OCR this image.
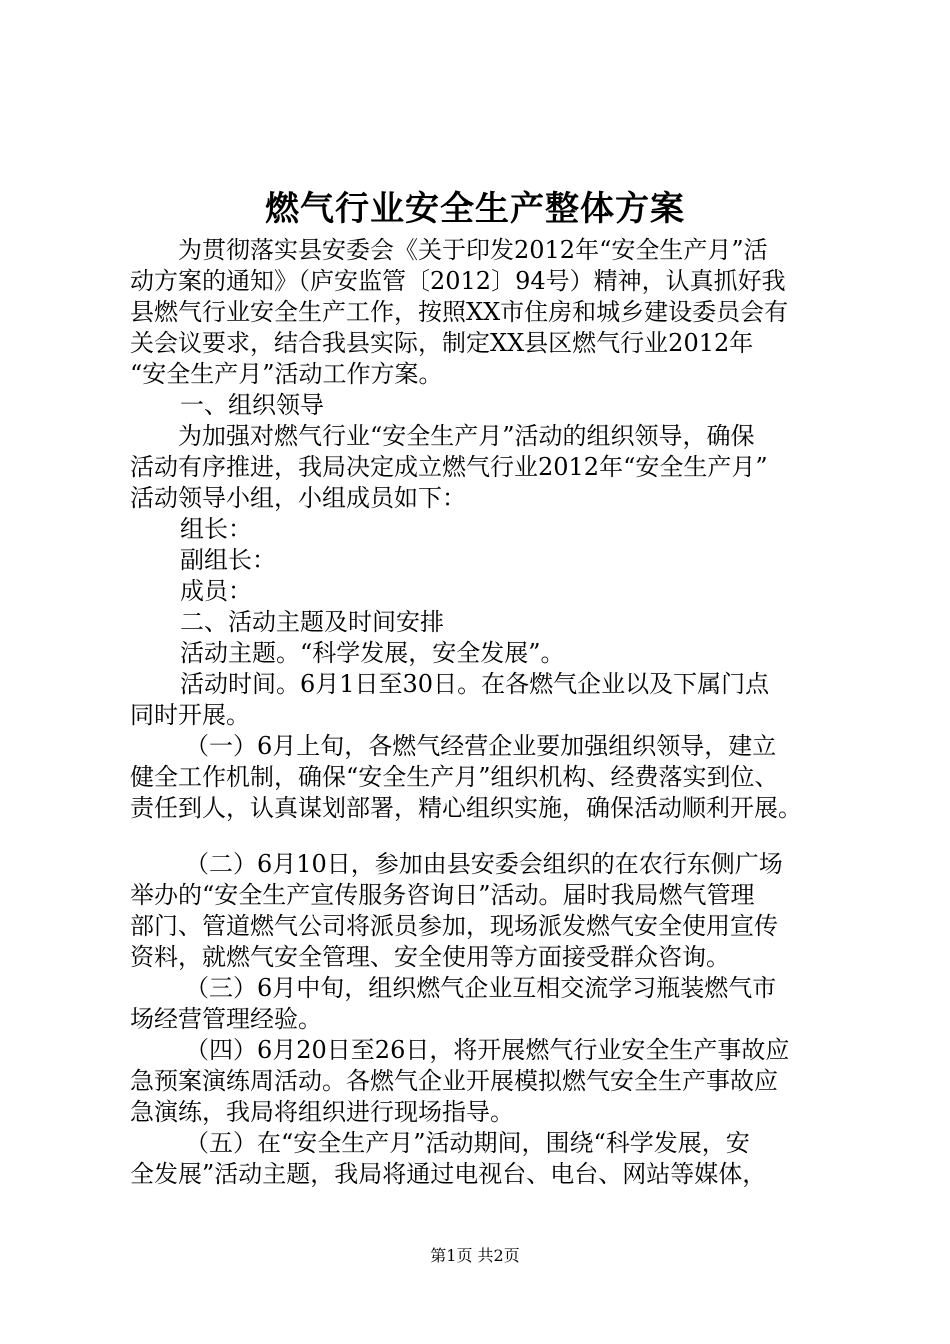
燃气行业安全生产整体方案
为贯彻落实县安委会《关于印发2012年“安全生产月”活
动方案的通知》（庐安监管〔2012〕94号）精神，认真抓好我
县燃气行业安全生产工作，按照XX市住房和城乡建设委员会有
关会议要求，结合我县实际，制定XX县区燃气行业2012年
“安全生产月”活动工作方案。
一、组织领导
为加强对燃气行业“安全生产月”活动的组织领导，确保
活动有序推进，我局决定成立燃气行业2012年“安全生产月”
活动领导小组，小组成员如下：
组长：
副组长：
成员：
二、活动主题及时间安排
活动主题。“科学发展，安全发展”。
活动时间。6月1日至30日。在各燃气企业以及下属门点
同时开展。
（一）6月上旬，各燃气经营企业要加强组织领导，建立
健全工作机制，确保“安全生产月”组织机构、经费落实到位、
责任到人，认真谋划部署，精心组织实施，确保活动顺利开展。
（二）6月10日，参加由县安委会组织的在农行东侧广场
举办的“安全生产宣传服务咨询日”活动。届时我局燃气管理
部门、管道燃气公司将派员参加，现场派发燃气安全使用宣传
资料，就燃气安全管理、安全使用等方面接受群众咨询。
（三）6月中旬，组织燃气企业互相交流学习瓶装燃气市
场经营管理经验。
（四）6月20日至26日，将开展燃气行业安全生产事故应
急预案演练周活动。各燃气企业开展模拟燃气安全生产事故应
急演练，我局将组织进行现场指导。
（五）在“安全生产月”活动期间，围绕“科学发展，安
全发展”活动主题，我局将通过电视台、电台、网站等媒体，
第1页 共2页
